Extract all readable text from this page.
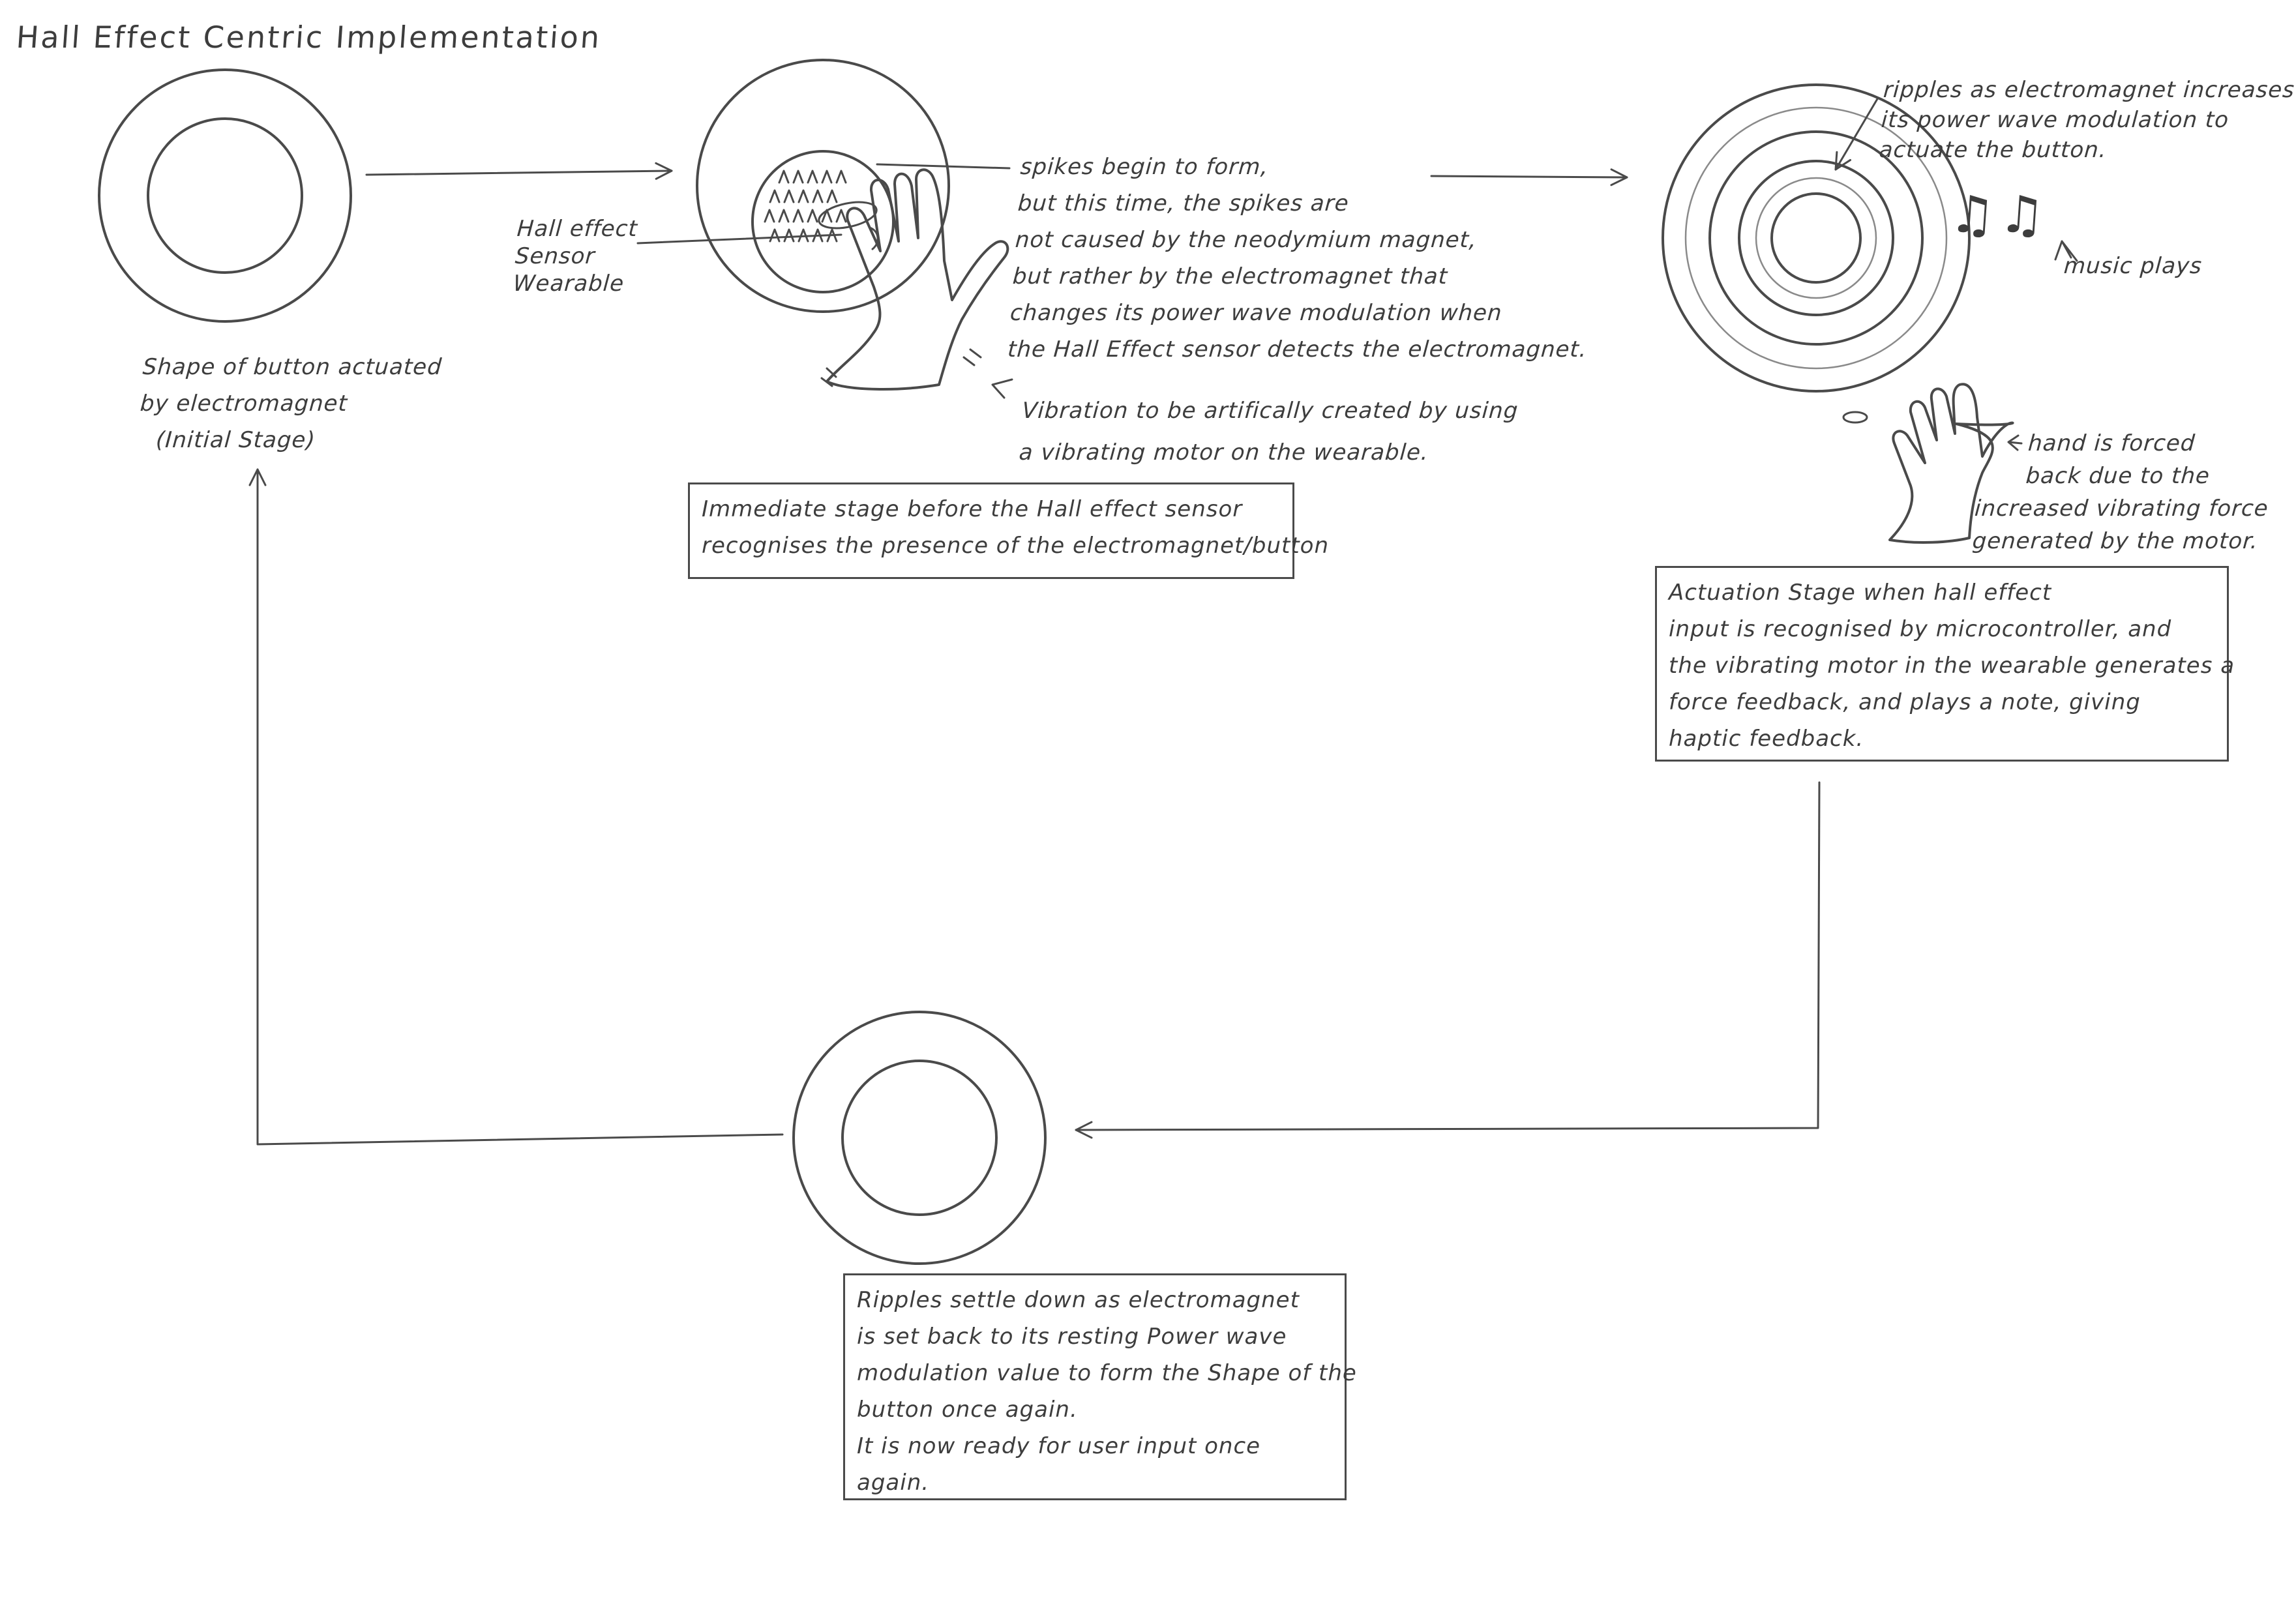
Hall Effect Centric Implementation
Shape of button actuated
by electromagnet
(Initial Stage)
Hall effect
Sensor
Wearable
spikes begin to form,
but this time, the spikes are
not caused by the neodymium magnet,
but rather by the electromagnet that
changes its power wave modulation when
the Hall Effect sensor detects the electromagnet.
Vibration to be artifically created by using
a vibrating motor on the wearable.

Immediate stage before the Hall effect sensor

recognises the presence of the electromagnet/button

ripples as electromagnet increases
its power wave modulation to
actuate the button.
♫♫
music plays
hand is forced
back due to the
increased vibrating force
generated by the motor.

Actuation Stage when hall effect

input is recognised by microcontroller, and

the vibrating motor in the wearable generates a

force feedback, and plays a note, giving

haptic feedback.

Ripples settle down as electromagnet

is set back to its resting Power wave

modulation value to form the Shape of the

button once again.

It is now ready for user input once

again.
